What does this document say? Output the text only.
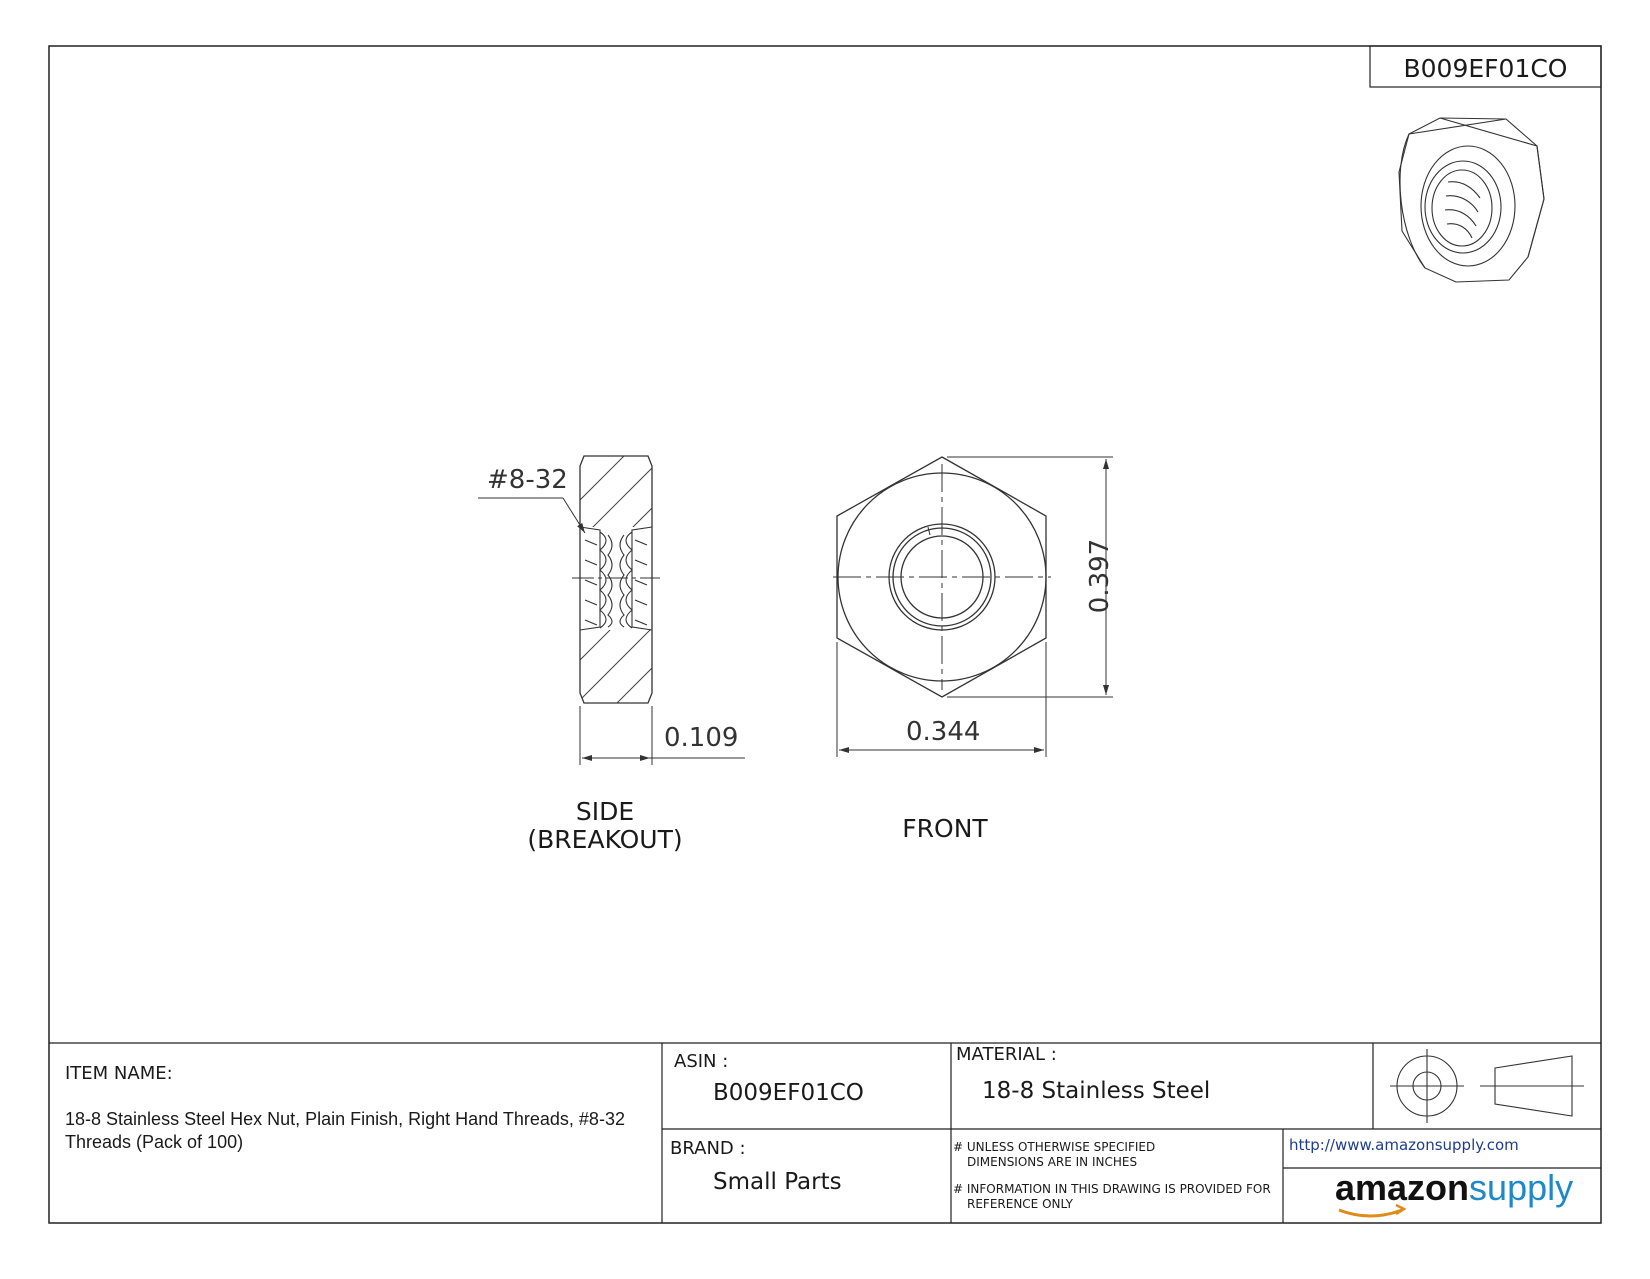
B009EF01CO
#8-32
0.109	0.344
0.397
SIDE
(BREAKOUT)	FRONT
ITEM NAME:
18-8 Stainless Steel Hex Nut, Plain Finish, Right Hand Threads, #8-32
Threads (Pack of 100)
ASIN :
B009EF01CO
BRAND :
Small Parts
MATERIAL :
18-8 Stainless Steel
# UNLESS OTHERWISE SPECIFIED
DIMENSIONS ARE IN INCHES
# INFORMATION IN THIS DRAWING IS PROVIDED FOR
REFERENCE ONLY
http://www.amazonsupply.com
amazonsupply
